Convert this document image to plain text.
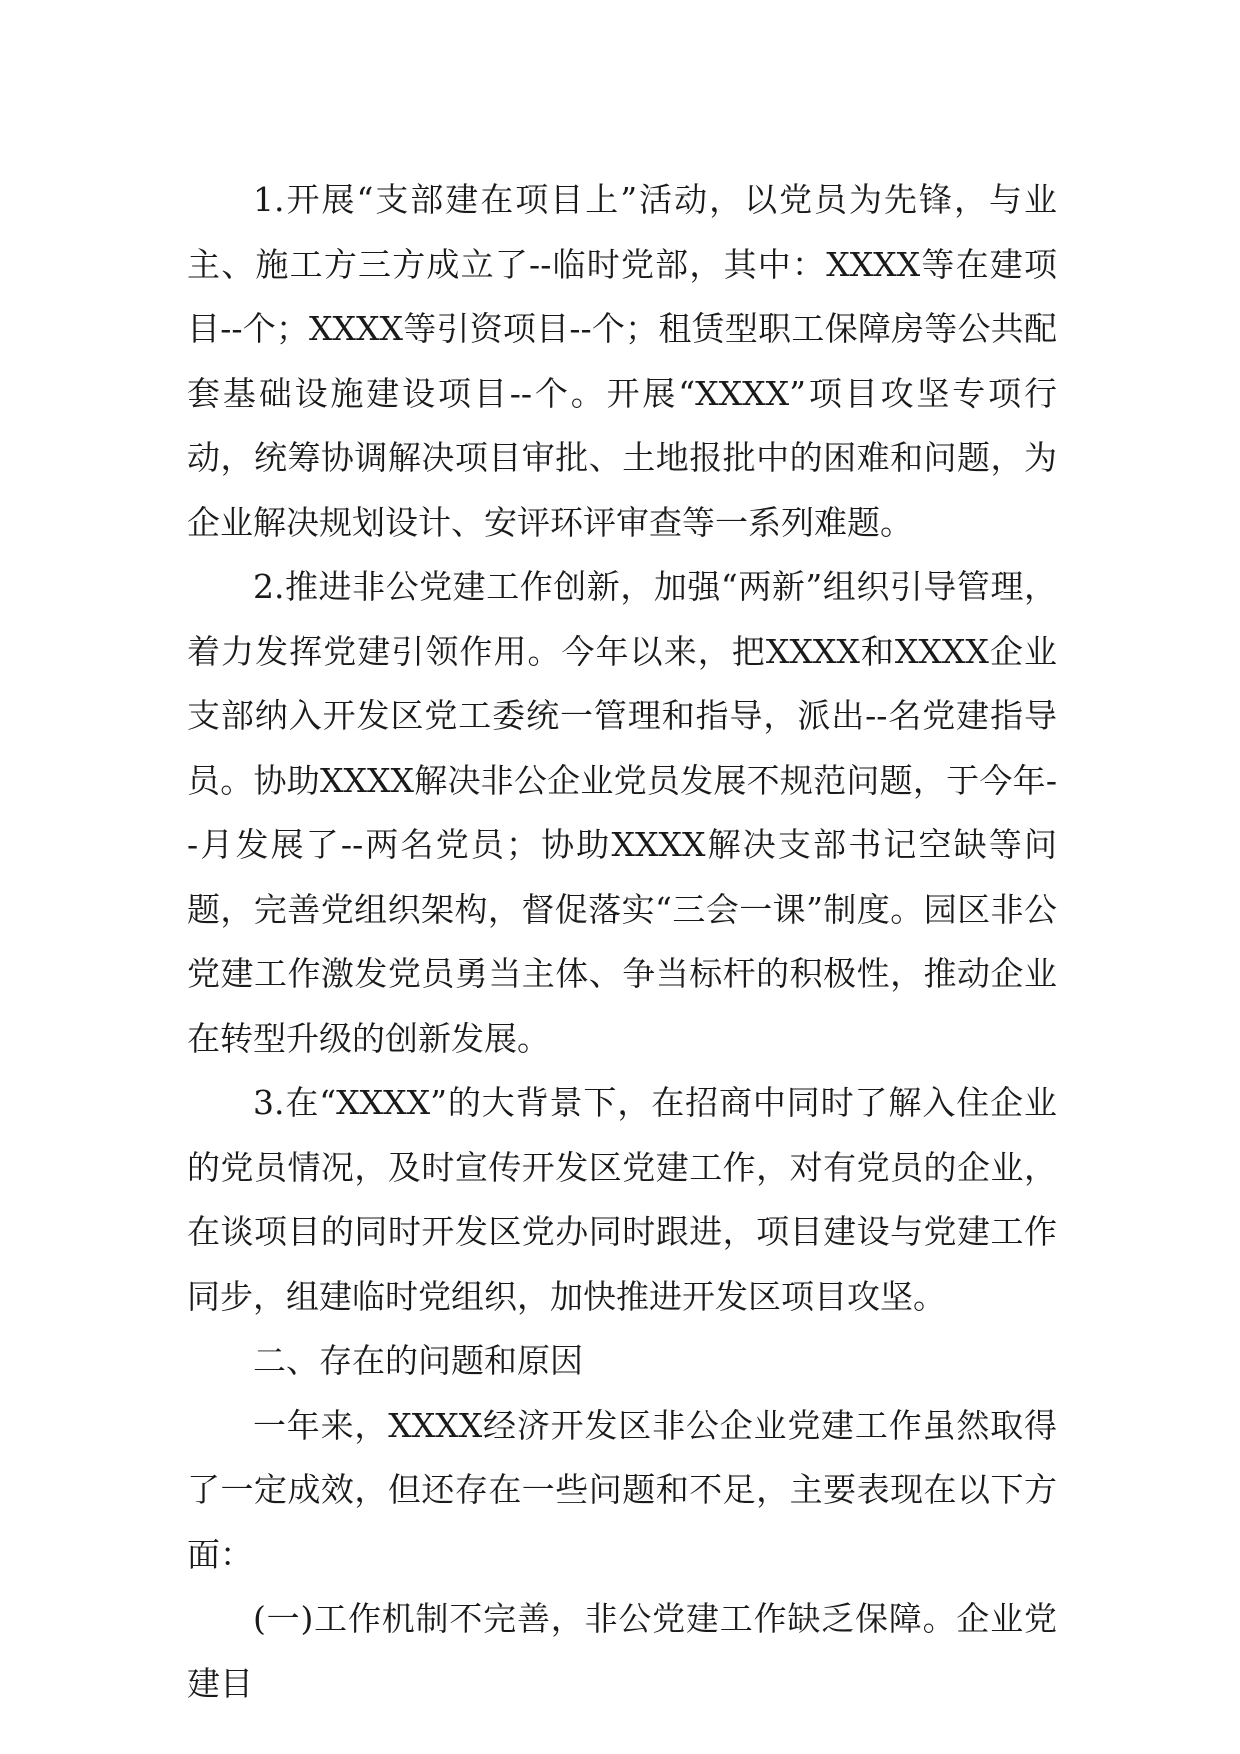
1.开展“支部建在项目上”活动，以党员为先锋，与业主、施工方三方成立了--临时党部，其中：XXXX等在建项目--个；XXXX等引资项目--个；租赁型职工保障房等公共配套基础设施建设项目--个。开展“XXXX”项目攻坚专项行动，统筹协调解决项目审批、土地报批中的困难和问题，为企业解决规划设计、安评环评审查等一系列难题。

2.推进非公党建工作创新，加强“两新”组织引导管理，着力发挥党建引领作用。今年以来，把XXXX和XXXX企业支部纳入开发区党工委统一管理和指导，派出--名党建指导员。协助XXXX解决非公企业党员发展不规范问题，于今年--月发展了--两名党员；协助XXXX解决支部书记空缺等问题，完善党组织架构，督促落实“三会一课”制度。园区非公党建工作激发党员勇当主体、争当标杆的积极性，推动企业在转型升级的创新发展。

3.在“XXXX”的大背景下，在招商中同时了解入住企业的党员情况，及时宣传开发区党建工作，对有党员的企业，在谈项目的同时开发区党办同时跟进，项目建设与党建工作同步，组建临时党组织，加快推进开发区项目攻坚。

二、存在的问题和原因

一年来，XXXX经济开发区非公企业党建工作虽然取得了一定成效，但还存在一些问题和不足，主要表现在以下方面：

(一)工作机制不完善，非公党建工作缺乏保障。企业党建目
